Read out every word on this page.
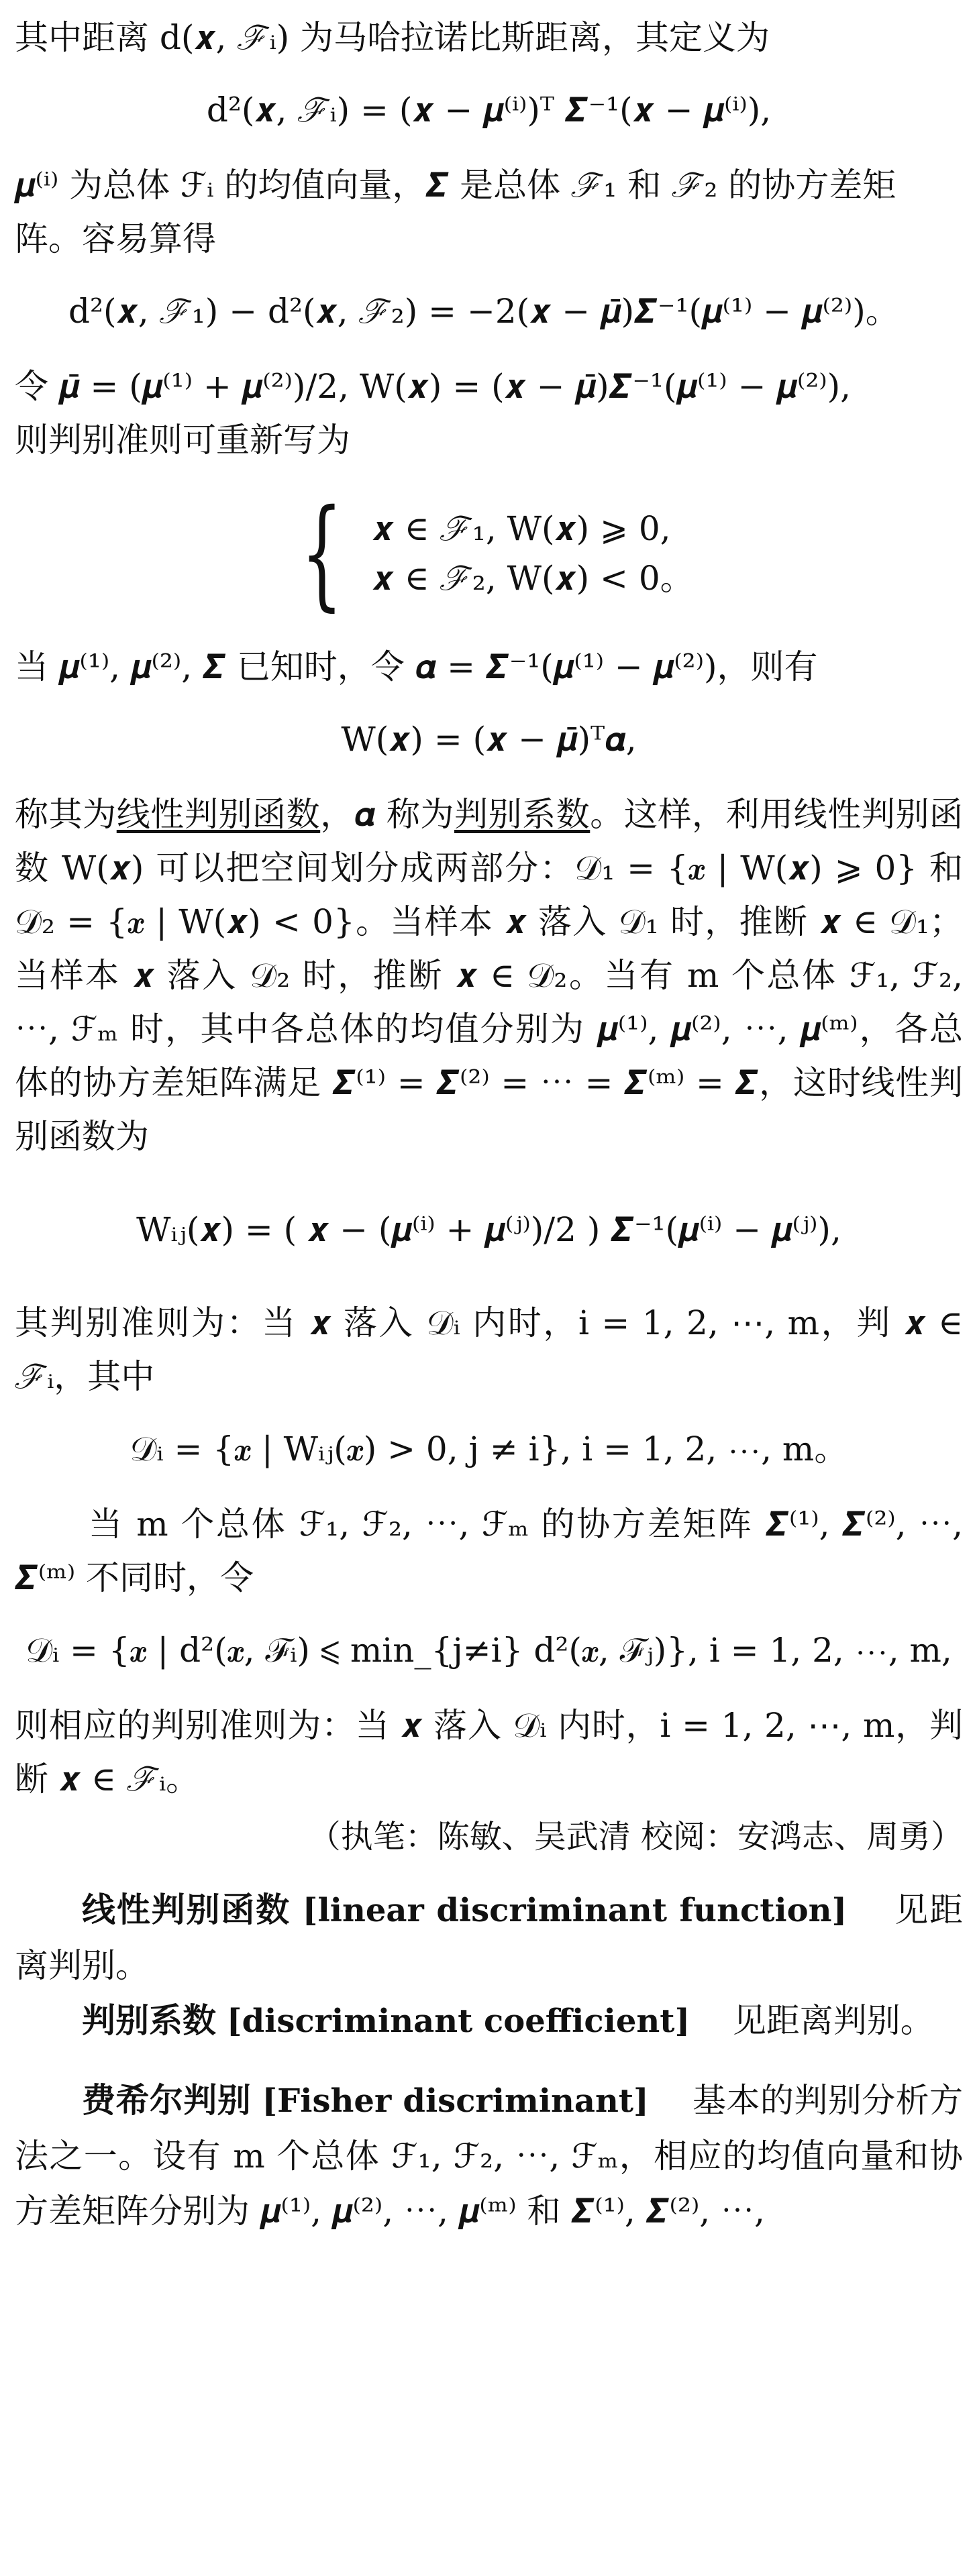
其中距离 d(𝒙, ℱᵢ) 为马哈拉诺比斯距离，其定义为

d²(𝒙, ℱᵢ) = (𝒙 − 𝝁⁽ⁱ⁾)ᵀ 𝜮⁻¹(𝒙 − 𝝁⁽ⁱ⁾),

𝝁⁽ⁱ⁾ 为总体 ℱᵢ 的均值向量，𝜮 是总体 ℱ₁ 和 ℱ₂ 的协方差矩
阵。容易算得

d²(𝒙, ℱ₁) − d²(𝒙, ℱ₂) = −2(𝒙 − 𝝁̄)𝜮⁻¹(𝝁⁽¹⁾ − 𝝁⁽²⁾)。

令 𝝁̄ = (𝝁⁽¹⁾ + 𝝁⁽²⁾)/2, W(𝒙) = (𝒙 − 𝝁̄)𝜮⁻¹(𝝁⁽¹⁾ − 𝝁⁽²⁾),
则判别准则可重新写为

{ 𝒙 ∈ ℱ₁, W(𝒙) ⩾ 0,
𝒙 ∈ ℱ₂, W(𝒙) < 0。

当 𝝁⁽¹⁾, 𝝁⁽²⁾, 𝜮 已知时，令 𝜶 = 𝜮⁻¹(𝝁⁽¹⁾ − 𝝁⁽²⁾)，则有

W(𝒙) = (𝒙 − 𝝁̄)ᵀ𝜶,

称其为线性判别函数，𝜶 称为判别系数。这样，利用线性判别函数 W(𝒙) 可以把空间划分成两部分：𝒟₁ = {𝒙 | W(𝒙) ⩾ 0} 和 𝒟₂ = {𝒙 | W(𝒙) < 0}。当样本 𝒙 落入 𝒟₁ 时，推断 𝒙 ∈ 𝒟₁；当样本 𝒙 落入 𝒟₂ 时，推断 𝒙 ∈ 𝒟₂。当有 m 个总体 ℱ₁, ℱ₂, ⋯, ℱₘ 时，其中各总体的均值分别为 𝝁⁽¹⁾, 𝝁⁽²⁾, ⋯, 𝝁⁽ᵐ⁾，各总体的协方差矩阵满足 𝜮⁽¹⁾ = 𝜮⁽²⁾ = ⋯ = 𝜮⁽ᵐ⁾ = 𝜮，这时线性判别函数为

Wᵢⱼ(𝒙) = ( 𝒙 − (𝝁⁽ⁱ⁾ + 𝝁⁽ʲ⁾)/2 ) 𝜮⁻¹(𝝁⁽ⁱ⁾ − 𝝁⁽ʲ⁾),

其判别准则为：当 𝒙 落入 𝒟ᵢ 内时，i = 1, 2, ⋯, m，判 𝒙 ∈ ℱᵢ，其中

𝒟ᵢ = {𝒙 | Wᵢⱼ(𝒙) > 0, j ≠ i}, i = 1, 2, ⋯, m。

当 m 个总体 ℱ₁, ℱ₂, ⋯, ℱₘ 的协方差矩阵 𝜮⁽¹⁾, 𝜮⁽²⁾, ⋯, 𝜮⁽ᵐ⁾ 不同时，令

𝒟ᵢ = {𝒙 | d²(𝒙, ℱᵢ) ⩽ min_{j≠i} d²(𝒙, ℱⱼ)}, i = 1, 2, ⋯, m,

则相应的判别准则为：当 𝒙 落入 𝒟ᵢ 内时，i = 1, 2, ⋯, m，判断 𝒙 ∈ ℱᵢ。

（执笔：陈敏、吴武清 校阅：安鸿志、周勇）

线性判别函数 [linear discriminant function] 见距离判别。

判别系数 [discriminant coefficient] 见距离判别。

费希尔判别 [Fisher discriminant] 基本的判别分析方法之一。设有 m 个总体 ℱ₁, ℱ₂, ⋯, ℱₘ，相应的均值向量和协方差矩阵分别为 𝝁⁽¹⁾, 𝝁⁽²⁾, ⋯, 𝝁⁽ᵐ⁾ 和 𝜮⁽¹⁾, 𝜮⁽²⁾, ⋯,
